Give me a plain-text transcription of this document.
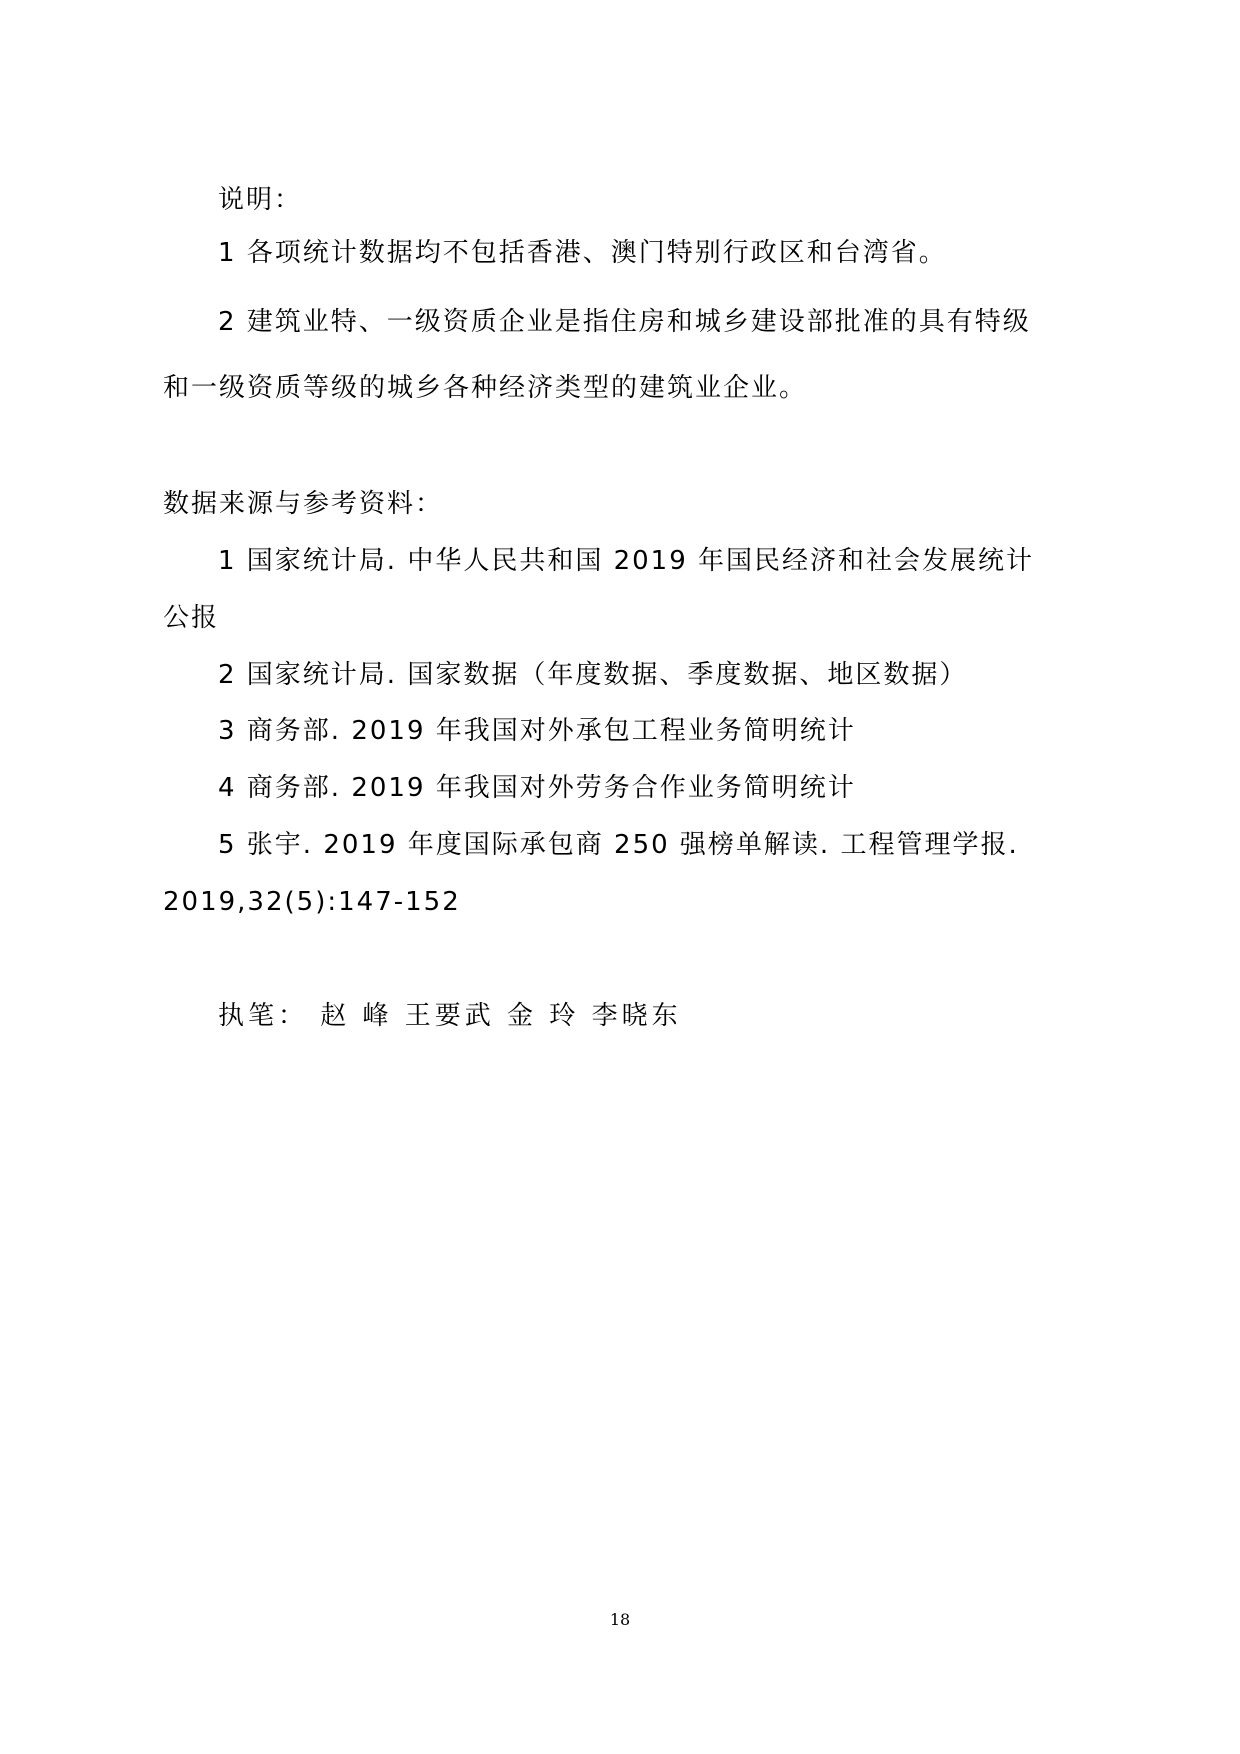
说明：

1 各项统计数据均不包括香港、澳门特别行政区和台湾省。

2 建筑业特、一级资质企业是指住房和城乡建设部批准的具有特级

和一级资质等级的城乡各种经济类型的建筑业企业。

数据来源与参考资料：

1 国家统计局. 中华人民共和国 2019 年国民经济和社会发展统计

公报

2 国家统计局. 国家数据（年度数据、季度数据、地区数据）

3 商务部. 2019 年我国对外承包工程业务简明统计

4 商务部. 2019 年我国对外劳务合作业务简明统计

5 张宇. 2019 年度国际承包商 250 强榜单解读. 工程管理学报.

2019,32(5):147-152

执笔： 赵 峰 王要武 金 玲 李晓东

18
